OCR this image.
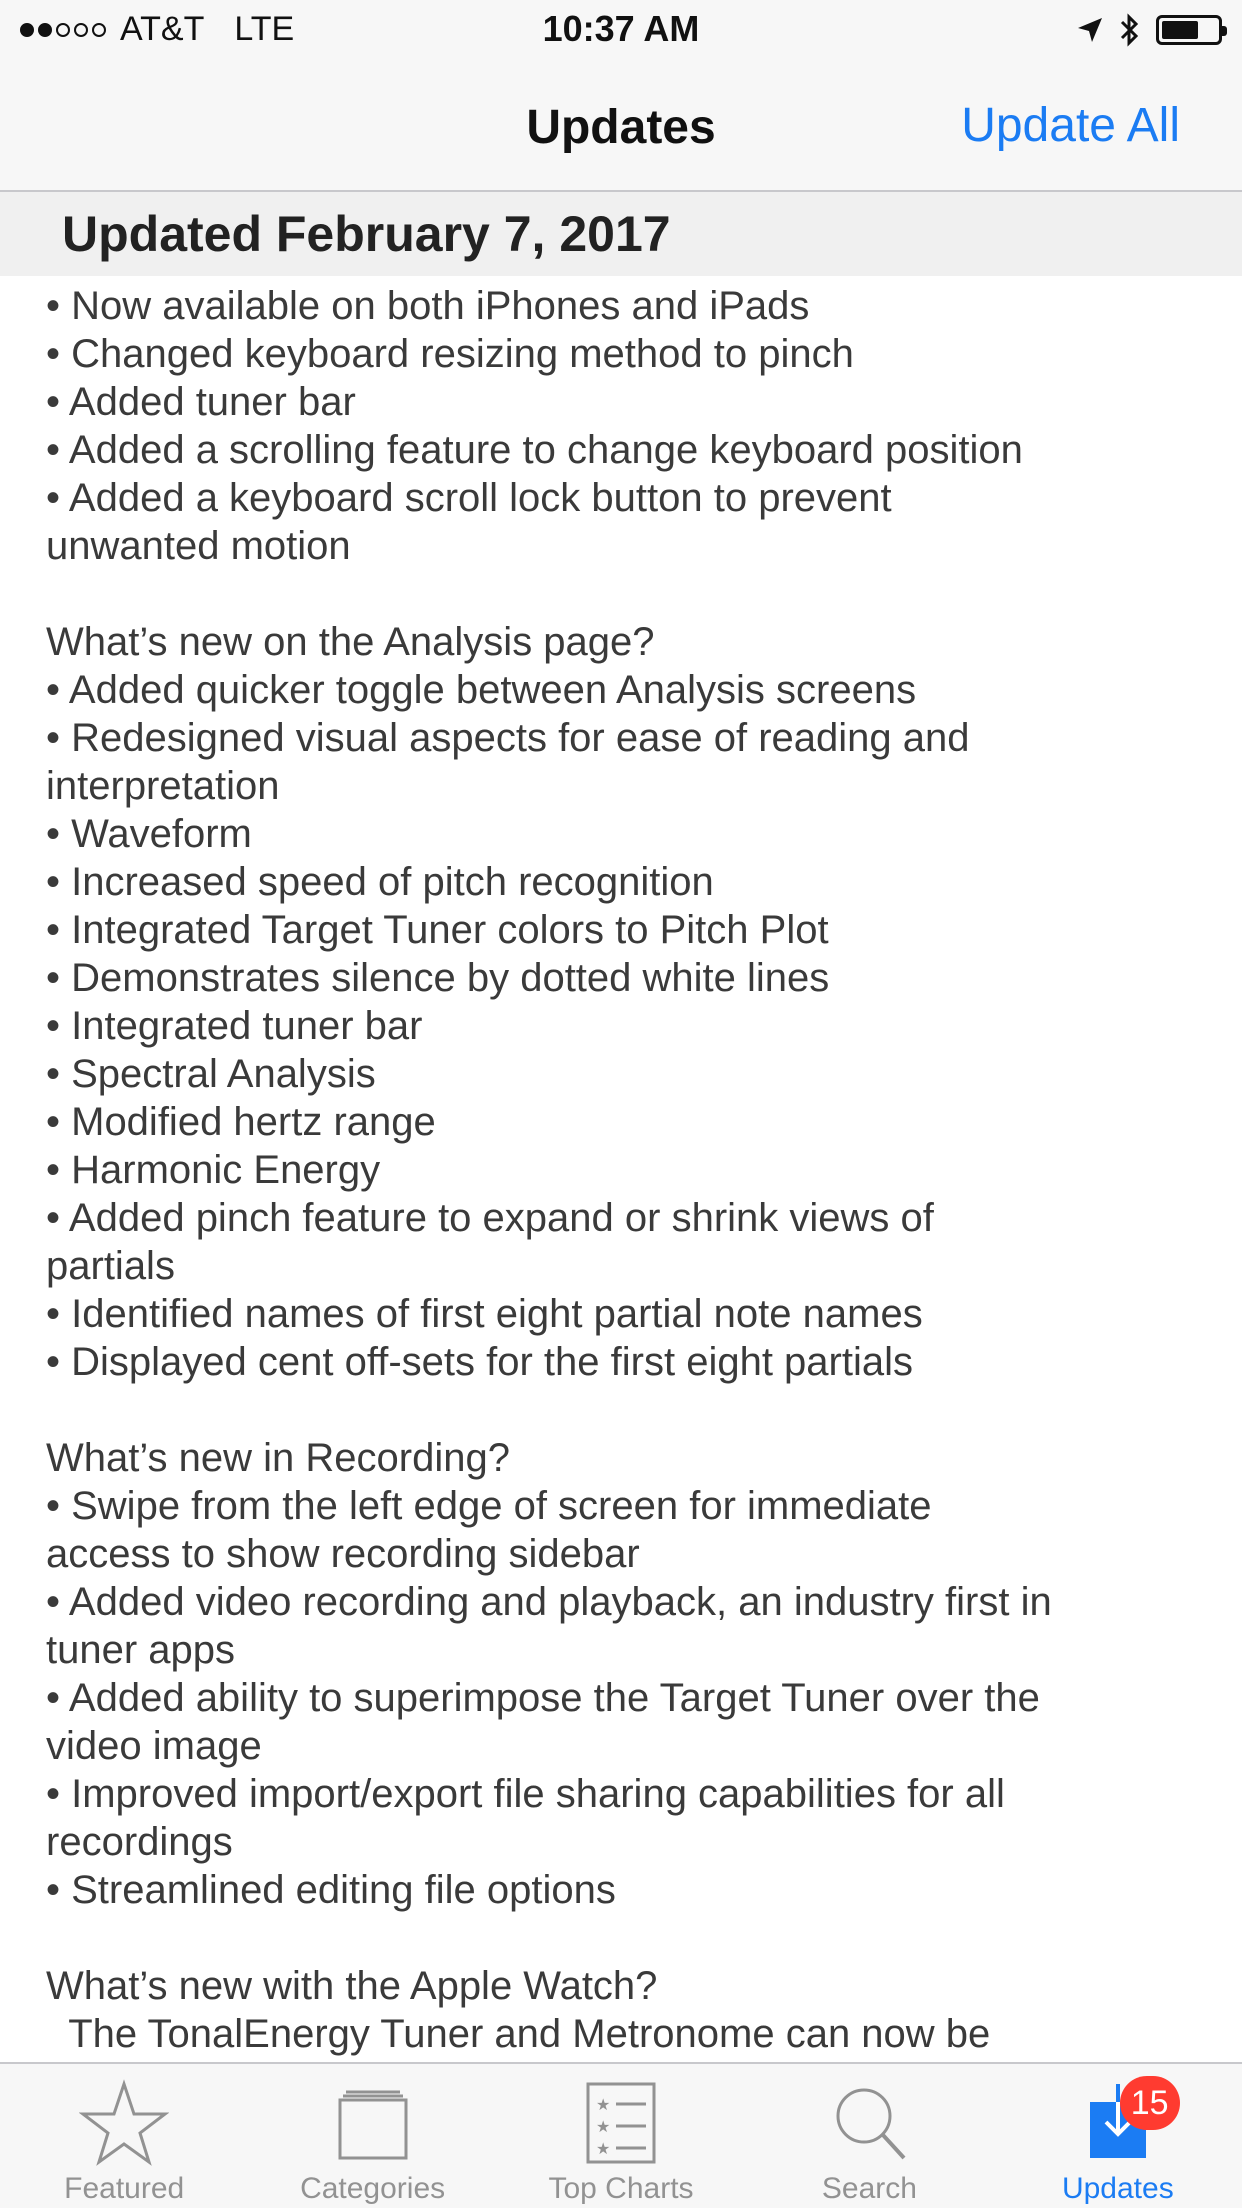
AT&T LTE	10:37 AM
Updates	Update All
Updated February 7, 2017
• Now available on both iPhones and iPads
• Changed keyboard resizing method to pinch
• Added tuner bar
• Added a scrolling feature to change keyboard position
• Added a keyboard scroll lock button to prevent
unwanted motion
What’s new on the Analysis page?
• Added quicker toggle between Analysis screens
• Redesigned visual aspects for ease of reading and
interpretation
• Waveform
• Increased speed of pitch recognition
• Integrated Target Tuner colors to Pitch Plot
• Demonstrates silence by dotted white lines
• Integrated tuner bar
• Spectral Analysis
• Modified hertz range
• Harmonic Energy
• Added pinch feature to expand or shrink views of
partials
• Identified names of first eight partial note names
• Displayed cent off-sets for the first eight partials
What’s new in Recording?
• Swipe from the left edge of screen for immediate
access to show recording sidebar
• Added video recording and playback, an industry first in
tuner apps
• Added ability to superimpose the Target Tuner over the
video image
• Improved import/export file sharing capabilities for all
recordings
• Streamlined editing file options
What’s new with the Apple Watch?
The TonalEnergy Tuner and Metronome can now be
Featured	Categories
★
★
★
Top Charts	Search
15
Updates
